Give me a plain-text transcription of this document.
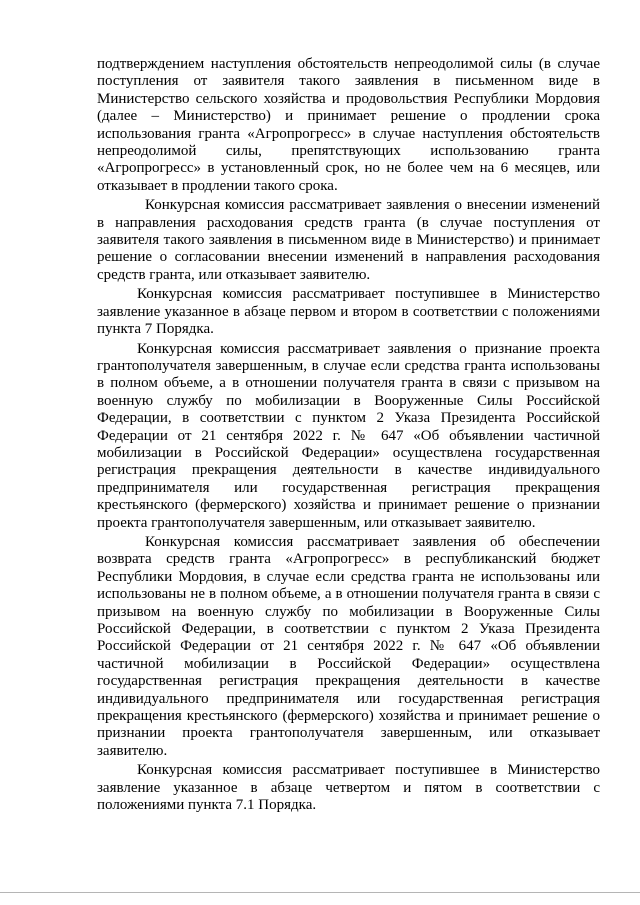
подтверждением наступления обстоятельств непреодолимой силы (в случае поступления от заявителя такого заявления в письменном виде в Министерство сельского хозяйства и продовольствия Республики Мордовия (далее – Министерство) и принимает решение о продлении срока использования гранта «Агропрогресс» в случае наступления обстоятельств непреодолимой силы, препятствующих использованию гранта «Агропрогресс» в установленный срок, но не более чем на 6 месяцев, или отказывает в продлении такого срока.

Конкурсная комиссия рассматривает заявления о внесении изменений в направления расходования средств гранта (в случае поступления от заявителя такого заявления в письменном виде в Министерство) и принимает решение о согласовании внесении изменений в направления расходования средств гранта, или отказывает заявителю.

Конкурсная комиссия рассматривает поступившее в Министерство заявление указанное в абзаце первом и втором в соответствии с положениями пункта 7 Порядка.

Конкурсная комиссия рассматривает заявления о признание проекта грантополучателя завершенным, в случае если средства гранта использованы в полном объеме, а в отношении получателя гранта в связи с призывом на военную службу по мобилизации в Вооруженные Силы Российской Федерации, в соответствии с пунктом 2 Указа Президента Российской Федерации от 21 сентября 2022 г. № 647 «Об объявлении частичной мобилизации в Российской Федерации» осуществлена государственная регистрация прекращения деятельности в качестве индивидуального предпринимателя или государственная регистрация прекращения крестьянского (фермерского) хозяйства и принимает решение о признании проекта грантополучателя завершенным, или отказывает заявителю.

Конкурсная комиссия рассматривает заявления об обеспечении возврата средств гранта «Агропрогресс» в республиканский бюджет Республики Мордовия, в случае если средства гранта не использованы или использованы не в полном объеме, а в отношении получателя гранта в связи с призывом на военную службу по мобилизации в Вооруженные Силы Российской Федерации, в соответствии с пунктом 2 Указа Президента Российской Федерации от 21 сентября 2022 г. № 647 «Об объявлении частичной мобилизации в Российской Федерации» осуществлена государственная регистрация прекращения деятельности в качестве индивидуального предпринимателя или государственная регистрация прекращения крестьянского (фермерского) хозяйства и принимает решение о признании проекта грантополучателя завершенным, или отказывает заявителю.

Конкурсная комиссия рассматривает поступившее в Министерство заявление указанное в абзаце четвертом и пятом в соответствии с положениями пункта 7.1 Порядка.
